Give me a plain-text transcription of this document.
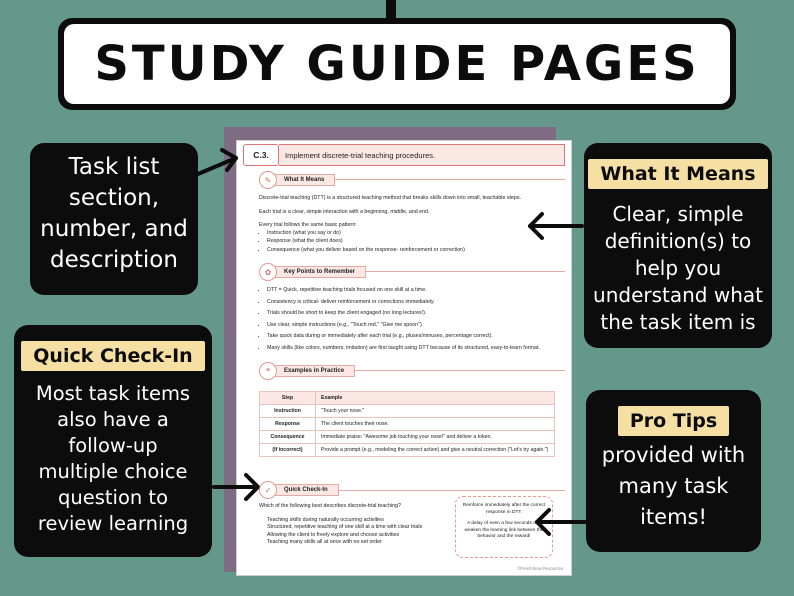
STUDY GUIDE PAGES
Task list
section,
number, and
description
What It Means
Clear, simple
definition(s) to
help you
understand what
the task item is
Quick Check-In
Most task items
also have a
follow-up
multiple choice
question to
review learning
Pro Tips
provided with
many task
items!
C.3.	Implement discrete-trial teaching procedures.
✎	What It Means
Discrete-trial teaching (DTT) is a structured teaching method that breaks skills down into small, teachable steps.
Each trial is a clear, simple interaction with a beginning, middle, and end.
Every trial follows the same basic pattern:
• Instruction (what you say or do)
• Response (what the client does)
• Consequence (what you deliver based on the response- reinforcement or correction)
✿	Key Points to Remember
• DTT = Quick, repetitive teaching trials focused on one skill at a time.
• Consistency is critical- deliver reinforcement or corrections immediately.
• Trials should be short to keep the client engaged (no long lectures!).
• Use clear, simple instructions (e.g., "Touch red," "Give me spoon").
• Take quick data during or immediately after each trial (e.g., pluses/minuses, percentage correct).
• Many skills (like colors, numbers, imitation) are first taught using DTT because of its structured, easy-to-learn format.
❝	Examples in Practice
Step	Example
Instruction	"Touch your nose."
Response	The client touches their nose.
Consequence	Immediate praise: "Awesome job touching your nose!" and deliver a token.
(If incorrect)	Provide a prompt (e.g., modeling the correct action) and give a neutral correction ("Let's try again.")
✓	Quick Check-In
Which of the following best describes discrete-trial teaching?
Teaching skills during naturally occurring activities
Structured, repetitive teaching of one skill at a time with clear trials
Allowing the client to freely explore and choose activities
Teaching many skills all at once with no set order
Reinforce immediately after the correct response in DTT.
A delay of even a few seconds can weaken the learning link between the behavior and the reward!
©Fresh Brew Resources
